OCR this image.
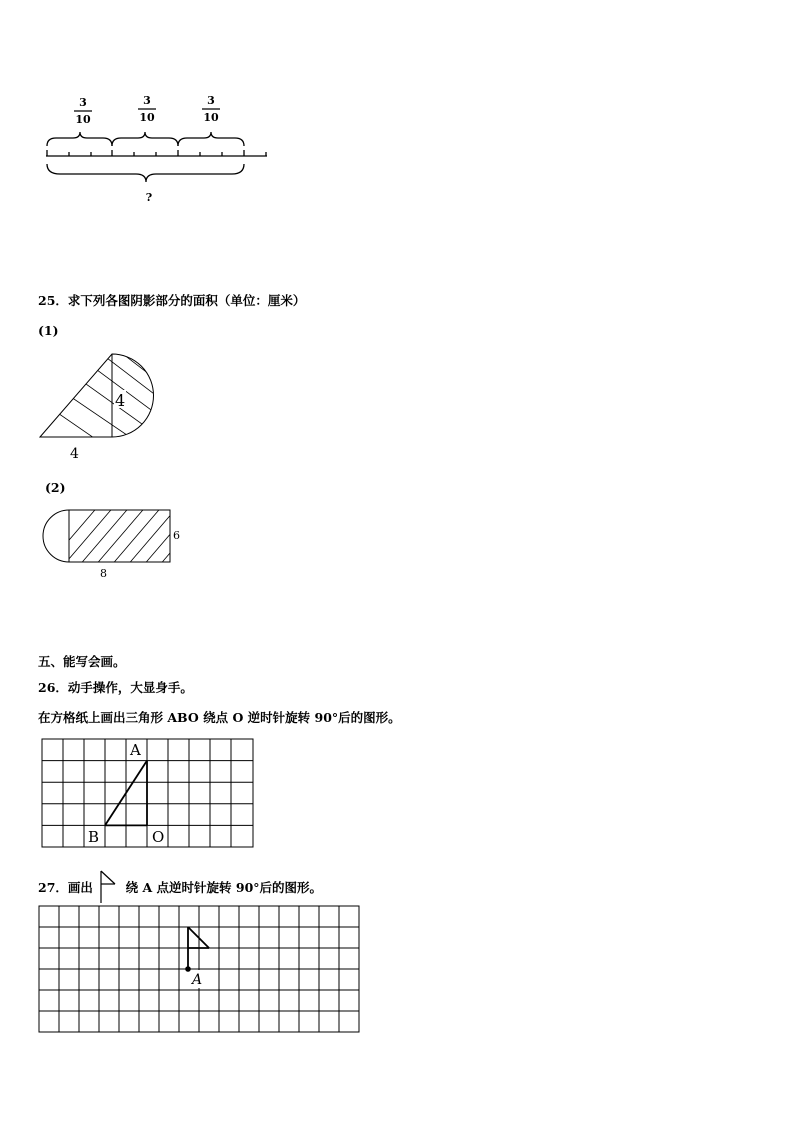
3
10
3
10
3
10
?
25．求下列各图阴影部分的面积（单位：厘米）
(1)
4
4
(2)
6
8
五、能写会画。
26．动手操作，大显身手。
在方格纸上画出三角形 ABO 绕点 O 逆时针旋转 90°后的图形。
A
B	O
27．画出	绕 A 点逆时针旋转 90°后的图形。
A
